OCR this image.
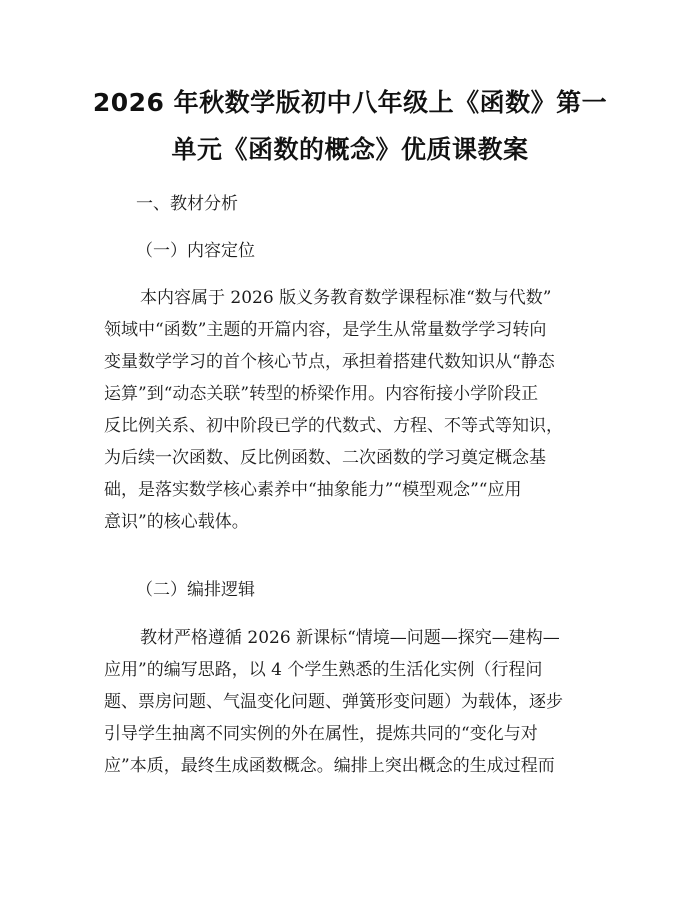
2026 年秋数学版初中八年级上《函数》第一
单元《函数的概念》优质课教案
一、教材分析
（一）内容定位
本内容属于 2026 版义务教育数学课程标准“数与代数”
领域中“函数”主题的开篇内容，是学生从常量数学学习转向
变量数学学习的首个核心节点，承担着搭建代数知识从“静态
运算”到“动态关联”转型的桥梁作用。内容衔接小学阶段正
反比例关系、初中阶段已学的代数式、方程、不等式等知识，
为后续一次函数、反比例函数、二次函数的学习奠定概念基
础，是落实数学核心素养中“抽象能力”“模型观念”“应用
意识”的核心载体。
（二）编排逻辑
教材严格遵循 2026 新课标“情境—问题—探究—建构—
应用”的编写思路，以 4 个学生熟悉的生活化实例（行程问
题、票房问题、气温变化问题、弹簧形变问题）为载体，逐步
引导学生抽离不同实例的外在属性，提炼共同的“变化与对
应”本质，最终生成函数概念。编排上突出概念的生成过程而
